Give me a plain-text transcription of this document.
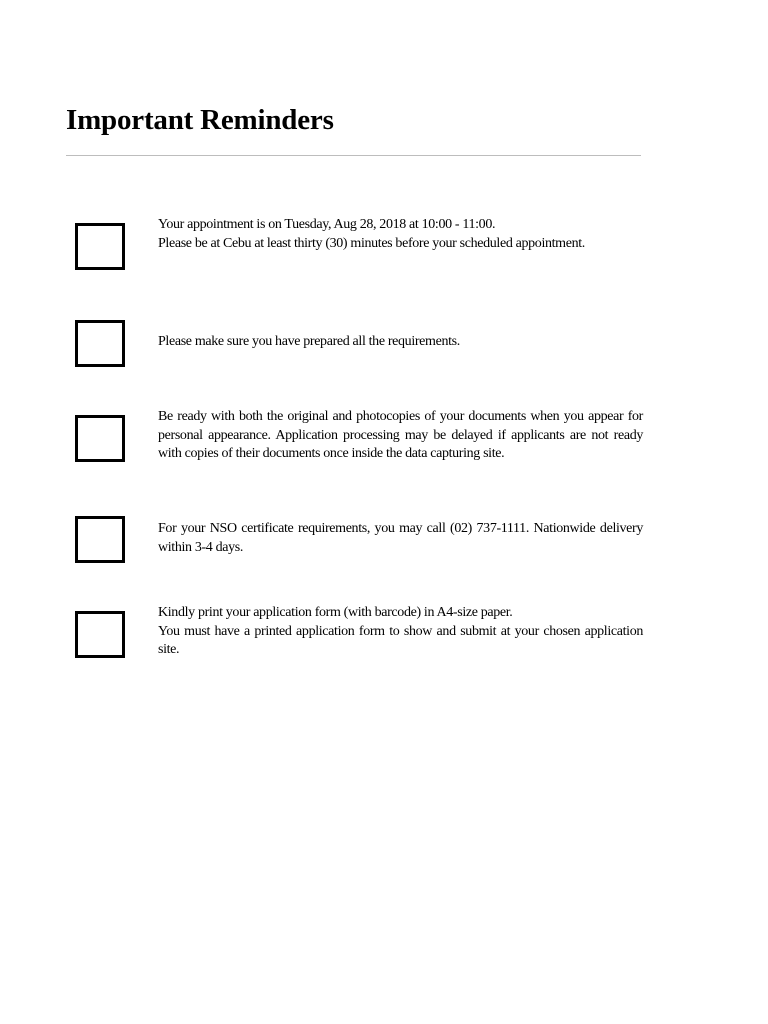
Important Reminders
Your appointment is on Tuesday, Aug 28, 2018 at 10:00 - 11:00.
Please be at Cebu at least thirty (30) minutes before your scheduled appointment.
Please make sure you have prepared all the requirements.
Be ready with both the original and photocopies of your documents when you appear for personal appearance. Application processing may be delayed if applicants are not ready with copies of their documents once inside the data capturing site.
For your NSO certificate requirements, you may call (02) 737-1111. Nationwide delivery within 3-4 days.
Kindly print your application form (with barcode) in A4-size paper.
You must have a printed application form to show and submit at your chosen application site.
